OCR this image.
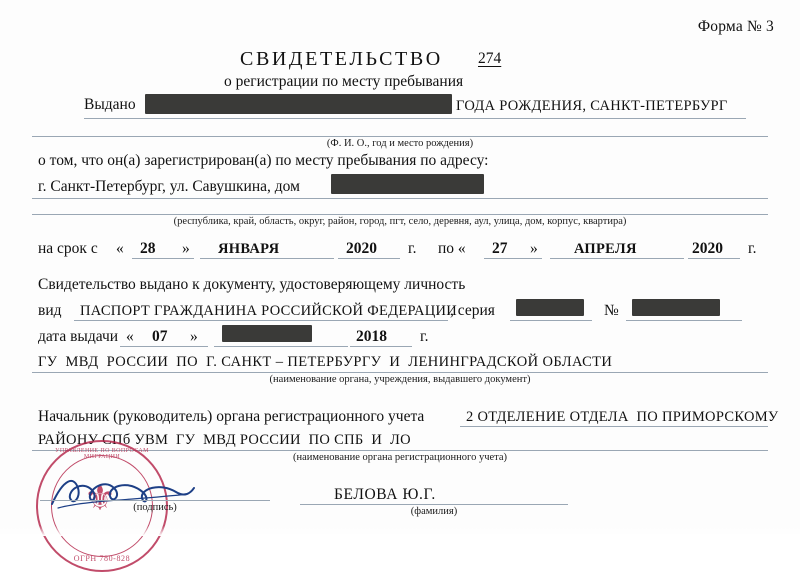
Форма № 3
СВИДЕТЕЛЬСТВО 274
о регистрации по месту пребывания
Выдано	ГОДА РОЖДЕНИЯ, САНКТ-ПЕТЕРБУРГ
(Ф. И. О., год и место рождения)
о том, что он(а) зарегистрирован(а) по месту пребывания по адресу:
г. Санкт-Петербург, ул. Савушкина, дом
(республика, край, область, округ, район, город, пгт, село, деревня, аул, улица, дом, корпус, квартира)
на срок с « 28 » ЯНВАРЯ	2020 г. по « 27 »	АПРЕЛЯ	2020 г.
Свидетельство выдано к документу, удостоверяющему личность
вид ПАСПОРТ ГРАЖДАНИНА РОССИЙСКОЙ ФЕДЕРАЦИИ
, серия	№
дата выдачи « 07 »	2018 г.
ГУ  МВД  РОССИИ  ПО  Г. САНКТ – ПЕТЕРБУРГУ  И  ЛЕНИНГРАДСКОЙ ОБЛАСТИ
(наименование органа, учреждения, выдавшего документ)
Начальник (руководитель) органа регистрационного учета	2 ОТДЕЛЕНИЕ ОТДЕЛА  ПО ПРИМОРСКОМУ
РАЙОНУ СПб УВМ  ГУ  МВД РОССИИ  ПО СПБ  И  ЛО
(наименование органа регистрационного учета)
УПРАВЛЕНИЕ ПО ВОПРОСАМ МИГРАЦИИ
⚜
ОГРН 780-828
(подпись)
БЕЛОВА Ю.Г.
(фамилия)
